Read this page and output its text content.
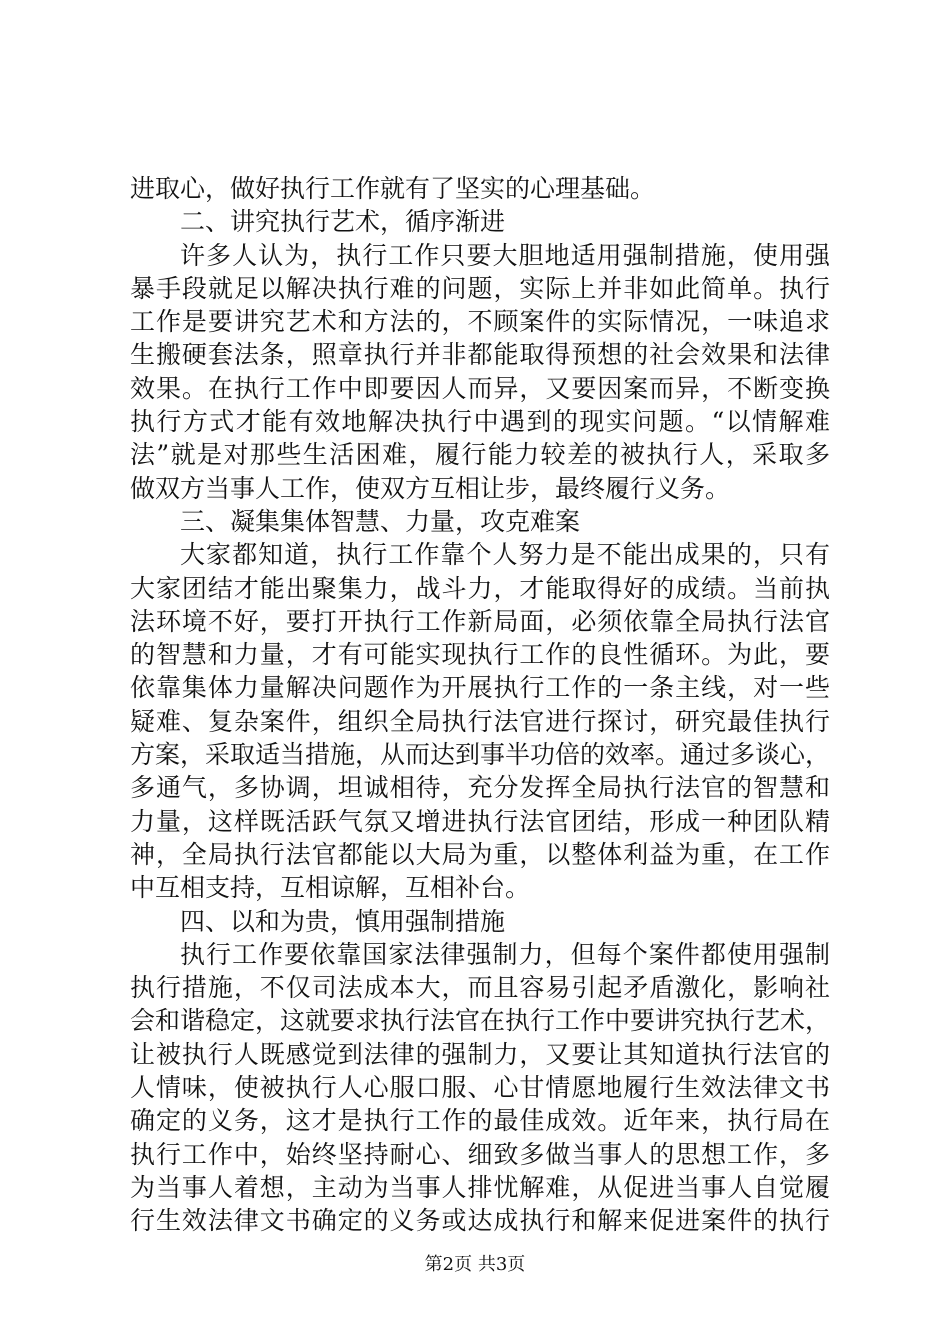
进取心，做好执行工作就有了坚实的心理基础。
二、讲究执行艺术，循序渐进
许多人认为，执行工作只要大胆地适用强制措施，使用强
暴手段就足以解决执行难的问题，实际上并非如此简单。执行
工作是要讲究艺术和方法的，不顾案件的实际情况，一味追求
生搬硬套法条，照章执行并非都能取得预想的社会效果和法律
效果。在执行工作中即要因人而异，又要因案而异，不断变换
执行方式才能有效地解决执行中遇到的现实问题。“以情解难
法”就是对那些生活困难，履行能力较差的被执行人，采取多
做双方当事人工作，使双方互相让步，最终履行义务。
三、凝集集体智慧、力量，攻克难案
大家都知道，执行工作靠个人努力是不能出成果的，只有
大家团结才能出聚集力，战斗力，才能取得好的成绩。当前执
法环境不好，要打开执行工作新局面，必须依靠全局执行法官
的智慧和力量，才有可能实现执行工作的良性循环。为此，要
依靠集体力量解决问题作为开展执行工作的一条主线，对一些
疑难、复杂案件，组织全局执行法官进行探讨，研究最佳执行
方案，采取适当措施，从而达到事半功倍的效率。通过多谈心，
多通气，多协调，坦诚相待，充分发挥全局执行法官的智慧和
力量，这样既活跃气氛又增进执行法官团结，形成一种团队精
神，全局执行法官都能以大局为重，以整体利益为重，在工作
中互相支持，互相谅解，互相补台。
四、以和为贵，慎用强制措施
执行工作要依靠国家法律强制力，但每个案件都使用强制
执行措施，不仅司法成本大，而且容易引起矛盾激化，影响社
会和谐稳定，这就要求执行法官在执行工作中要讲究执行艺术，
让被执行人既感觉到法律的强制力，又要让其知道执行法官的
人情味，使被执行人心服口服、心甘情愿地履行生效法律文书
确定的义务，这才是执行工作的最佳成效。近年来，执行局在
执行工作中，始终坚持耐心、细致多做当事人的思想工作，多
为当事人着想，主动为当事人排忧解难，从促进当事人自觉履
行生效法律文书确定的义务或达成执行和解来促进案件的执行
第2页 共3页
